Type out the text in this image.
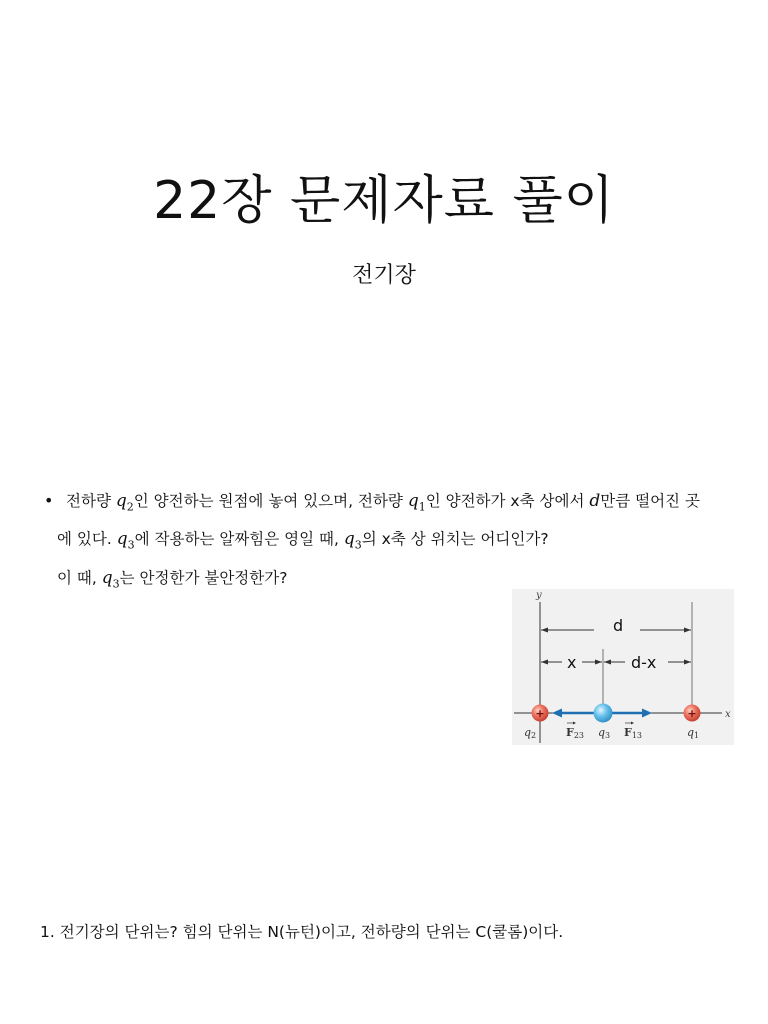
22장 문제자료 풀이
전기장
• 전하량 $q_2$인 양전하는 원점에 놓여 있으며, 전하량 $q_1$인 양전하가 x축 상에서 d만큼 떨어진 곳
에 있다. $q_3$에 작용하는 알짜힘은 영일 때, $q_3$의 x축 상 위치는 어디인가?
이 때, $q_3$는 안정한가 불안정한가?
y
x
d
x	d-x
+	+
q2	F23 q3 F13	q1
1. 전기장의 단위는? 힘의 단위는 N(뉴턴)이고, 전하량의 단위는 C(쿨롬)이다.
